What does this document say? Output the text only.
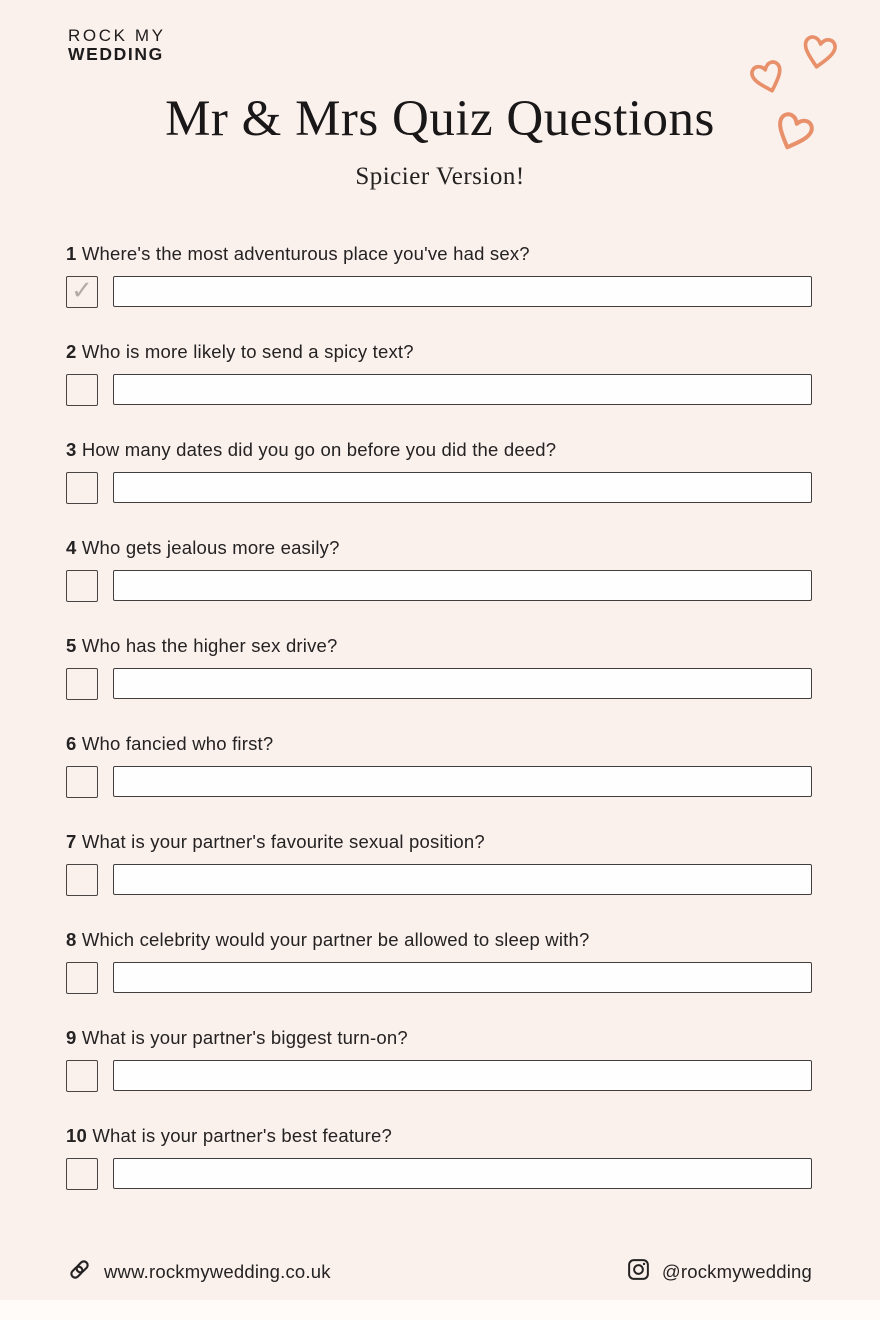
ROCK MY
WEDDING
Mr & Mrs Quiz Questions
Spicier Version!

1 Where's the most adventurous place you've had sex?

✓

2 Who is more likely to send a spicy text?

3 How many dates did you go on before you did the deed?

4 Who gets jealous more easily?

5 Who has the higher sex drive?

6 Who fancied who first?

7 What is your partner's favourite sexual position?

8 Which celebrity would your partner be allowed to sleep with?

9 What is your partner's biggest turn-on?

10 What is your partner's best feature?

www.rockmywedding.co.uk	@rockmywedding
